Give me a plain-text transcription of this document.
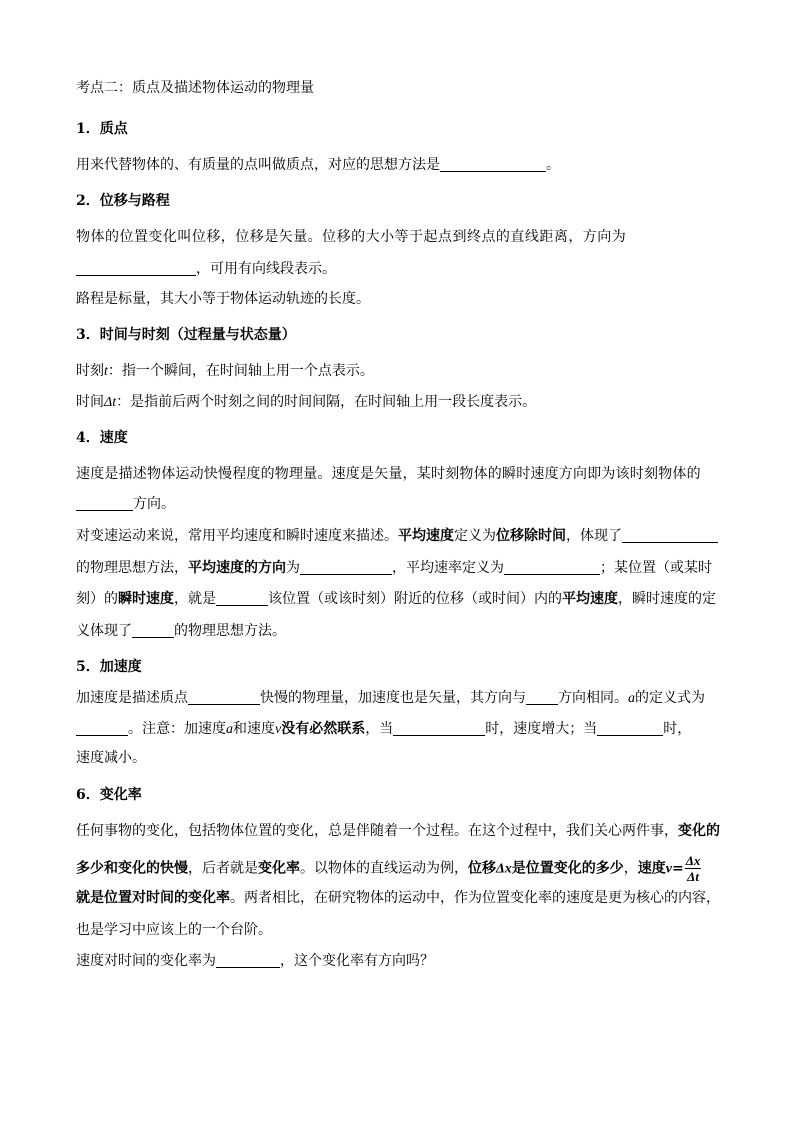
考点二：质点及描述物体运动的物理量

1．质点

用来代替物体的、有质量的点叫做质点，对应的思想方法是	。

2．位移与路程

物体的位置变化叫位移，位移是矢量。位移的大小等于起点到终点的直线距离，方向为

，可用有向线段表示。

路程是标量，其大小等于物体运动轨迹的长度。

3．时间与时刻（过程量与状态量）

时刻t：指一个瞬间，在时间轴上用一个点表示。

时间Δt：是指前后两个时刻之间的时间间隔，在时间轴上用一段长度表示。

4．速度

速度是描述物体运动快慢程度的物理量。速度是矢量，某时刻物体的瞬时速度方向即为该时刻物体的

方向。

对变速运动来说，常用平均速度和瞬时速度来描述。平均速度定义为位移除时间，体现了

的物理思想方法，平均速度的方向为	，平均速率定义为	；某位置（或某时

刻）的瞬时速度，就是	该位置（或该时刻）附近的位移（或时间）内的平均速度，瞬时速度的定

义体现了	的物理思想方法。

5．加速度

加速度是描述质点	快慢的物理量，加速度也是矢量，其方向与 方向相同。a的定义式为

。注意：加速度a和速度v没有必然联系，当	时，速度增大；当	时，

速度减小。

6．变化率

任何事物的变化，包括物体位置的变化，总是伴随着一个过程。在这个过程中，我们关心两件事，变化的

多少和变化的快慢，后者就是变化率。以物体的直线运动为例，位移Δx是位置变化的多少，速度$v= \frac{\Delta x}{\Delta t}$

就是位置对时间的变化率。两者相比，在研究物体的运动中，作为位置变化率的速度是更为核心的内容，

也是学习中应该上的一个台阶。

速度对时间的变化率为	，这个变化率有方向吗？
